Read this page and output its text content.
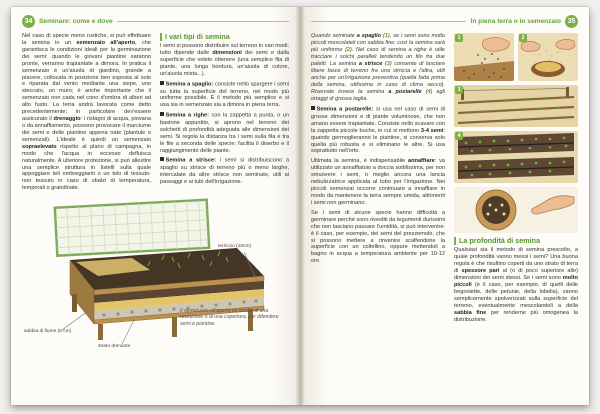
34	Seminare: come e dove

Nel caso di specie meno rustiche, si può effettuare la semina in un semenzaio all'aperto, che garantisca le condizioni ideali per la germinazione dei semi: quando le giovani piantine saranno pronte, verranno trapiantate a dimora. In pratica il semenzaio è un'aiuola di giardino, grande a piacere, collocata in posizione ben esposta al sole e riparata dal vento mediante una siepe, uno steccato, un muro; è anche importante che il semenzaio non cada nel cono d'ombra di alberi ad alto fusto. La terra andrà lavorata come detto precedentemente; in particolare dev'essere assicurato il drenaggio: i ristagni di acqua, piovana o da annaffiamento, possono provocare il marciume dei semi e delle piantine appena nate (plantule o semenzali). L'ideale è quindi un semenzaio sopraelevato rispetto al piano di campagna, in modo che l'acqua in eccesso defluisca naturalmente. A ulteriore protezione, si può allestire una semplice struttura in listelli sulla quale appoggiare teli ombreggianti o un telo di tessuto-non tessuto in caso di sbalzi di temperatura, temporali o grandinate.

I vari tipi di semina

I semi si possono distribuire sul terreno in vari modi: tutto dipende dalle dimensioni dei semi e dalla superficie che volete ottenere (una semplice fila di piante, una lunga bordura, un'aiuola di colore, un'aiuola mista...).

Semina a spaglio: consiste nello spargere i semi su tutta la superficie del terreno, nel modo più uniforme possibile. È il metodo più semplice e si usa sia in semenzaio sia a dimora in piena terra.

Semina a righe: con la zappetta a punta, o un bastone appuntito, si aprono nel terreno dei solchetti di profondità adeguata alle dimensioni dei semi. Si regola la distanza tra i semi sulla fila e tra le file a seconda delle specie; facilita il diserbo e il raggiungimento delle piante.

Semina a strisce: i semi si distribuiscono a spaglio su strisce di terreno più o meno larghe, intercalate da altre strisce non seminate, utili ai passaggi e ai tubi dell'irrigazione.

terriccio (10cm)
sabbia di fiume (5 cm)
strato drenante
Il semenzaio all'aperto va dotato di una recinzione o di una copertura, per difendere semi e piantine.
In piena terra o in semenzaio 35

Quando seminate a spaglio (1), se i semi sono molto piccoli mescolateli con sabbia fine: così la semina sarà più uniforme (2). Nel caso di semina a righe è utile tracciare i solchi paralleli tendendo un filo fra due paletti. La semina a strisce (3) consente di lasciare libere fasce di terreno fra una striscia e l'altra, utili anche per un'irrigazione preventiva (quella fatta prima della semina, utilissima in caso di clima secco). Riservate invece la semina a postarelle (4) agli ortaggi di grossa taglia.

Semina a postarelle: si usa nel caso di semi di grosse dimensioni e di piante voluminose, che non amano essere trapiantate. Consiste nello scavare con la zappetta piccole buche, in cui si mettono 3-4 semi: quando germoglieranno le piantine, si conserva solo quella più robusta e si eliminano le altre. Si usa soprattutto nell'orto.

Ultimata la semina, è indispensabile annaffiare: va utilizzato un annaffiatoio a doccia sottilissima, per non smuovere i semi, o meglio ancora una lancia nebulizzatrice applicata al tubo per l'irrigazione. Nei piccoli semenzai occorre continuare a innaffiare in modo da mantenere la terra sempre umida, altrimenti i semi non germinano.

Se i semi di alcune specie hanno difficoltà a germinare perché sono rivestiti da tegumenti durissimi che non lasciano passare l'umidità, si può intervenire: è il caso, per esempio, dei semi del prezzemolo, che si possono mettere a rinvenire scalfendone la superficie con un coltellino, oppure mettendoli a bagno in acqua a temperatura ambiente per 10-12 ore.

1	2
3
4
La profondità di semina

Qualsiasi sia il metodo di semina prescelto, a quale profondità vanno messi i semi? Una buona regola è che risultino coperti da uno strato di terra di spessore pari al (o di poco superiore alle) dimensioni dei semi stessi. Se i semi sono molto piccoli (è il caso, per esempio, di quelli delle begoniette, delle petunie, della lobelia), vanno semplicemente spolverizzati sulla superficie del terreno, eventualmente mescolandoli a della sabbia fine per renderne più omogenea la distribuzione.
